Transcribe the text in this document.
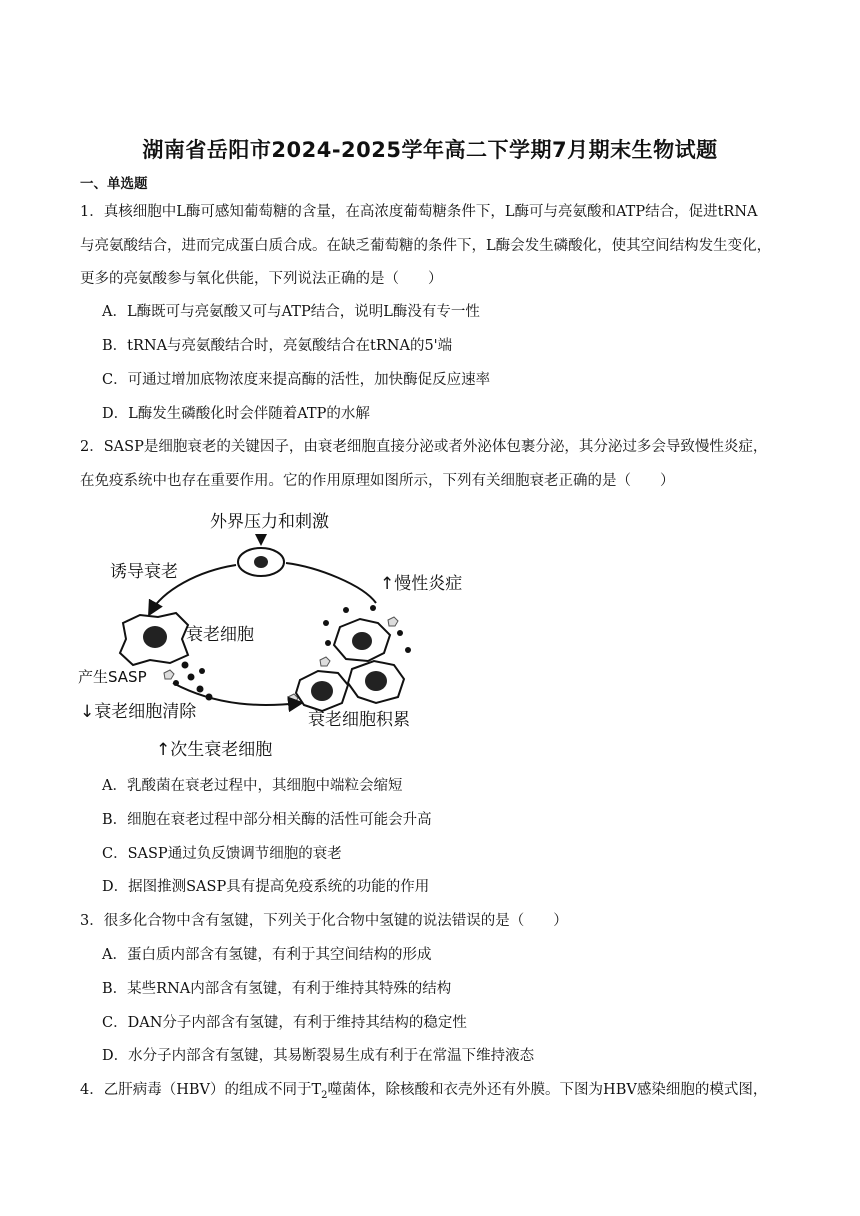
湖南省岳阳市2024-2025学年高二下学期7月期末生物试题
一、单选题
1．真核细胞中L酶可感知葡萄糖的含量，在高浓度葡萄糖条件下，L酶可与亮氨酸和ATP结合，促进tRNA
与亮氨酸结合，进而完成蛋白质合成。在缺乏葡萄糖的条件下，L酶会发生磷酸化，使其空间结构发生变化，
更多的亮氨酸参与氧化供能，下列说法正确的是（　　）
A．L酶既可与亮氨酸又可与ATP结合，说明L酶没有专一性
B．tRNA与亮氨酸结合时，亮氨酸结合在tRNA的5'端
C．可通过增加底物浓度来提高酶的活性，加快酶促反应速率
D．L酶发生磷酸化时会伴随着ATP的水解
2．SASP是细胞衰老的关键因子，由衰老细胞直接分泌或者外泌体包裹分泌，其分泌过多会导致慢性炎症，
在免疫系统中也存在重要作用。它的作用原理如图所示，下列有关细胞衰老正确的是（　　）
外界压力和刺激
诱导衰老
衰老细胞
产生SASP
↑慢性炎症
衰老细胞积累
↓衰老细胞清除
↑次生衰老细胞
A．乳酸菌在衰老过程中，其细胞中端粒会缩短
B．细胞在衰老过程中部分相关酶的活性可能会升高
C．SASP通过负反馈调节细胞的衰老
D．据图推测SASP具有提高免疫系统的功能的作用
3．很多化合物中含有氢键，下列关于化合物中氢键的说法错误的是（　　）
A．蛋白质内部含有氢键，有利于其空间结构的形成
B．某些RNA内部含有氢键，有利于维持其特殊的结构
C．DAN分子内部含有氢键，有利于维持其结构的稳定性
D．水分子内部含有氢键，其易断裂易生成有利于在常温下维持液态
4．乙肝病毒（HBV）的组成不同于$T_2$噬菌体，除核酸和衣壳外还有外膜。下图为HBV感染细胞的模式图，
